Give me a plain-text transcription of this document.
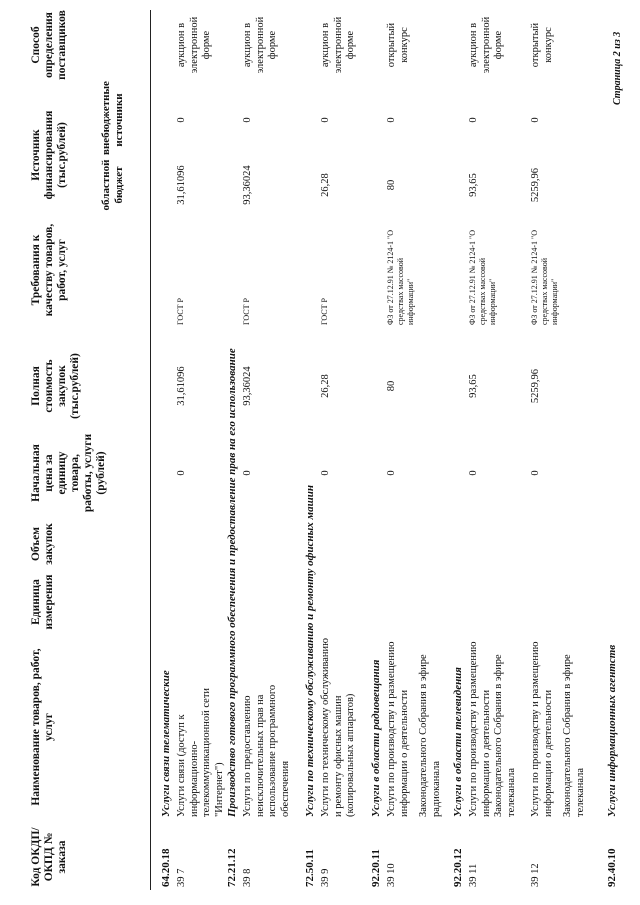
Код ОКДП/ ОКПД № заказа
Наименование товаров, работ, услуг
Единица измерения
Объем закупок
Начальная цена за единицу товара, работы, услуги (рублей)
Полная стоимость закупок (тыс.рублей)
Требования к качеству товаров, работ, услуг
Источник финансирования (тыс.рублей)	областной бюджет
внебюджетные источники
Способ определения поставщиков
64.20.18
Услуги связи телематические
39 7
Услуги связи (доступ к информационно-телекоммуникационной сети "Интернет")
0
31,61096
ГОСТ Р
31,61096
0
аукцион в электронной форме
72.21.12
Производство готового программного обеспечения и предоставление прав на его использование
39 8
Услуги по предоставлению неисключительных прав на использование программного обеспечения
0
93,36024
ГОСТ Р
93,36024
0
аукцион в электронной форме
72.50.11
Услуги по техническому обслуживанию и ремонту офисных машин
39 9
Услуги по техническому обслуживанию и ремонту офисных машин (копировальных аппаратов)
0
26,28
ГОСТ Р
26,28
0
аукцион в электронной форме
92.20.11
Услуги в области радиовещания
39 10
Услуги по производству и размещению информации о деятельности Законодательного Собрания в эфире радиоканала
0
80
ФЗ от 27.12.91 № 2124-1 "О средствах массовой информации"
80
0
открытый конкурс
92.20.12
Услуги в области телевидения
39 11
Услуги по производству и размещению информации о деятельности Законодательного Собрания в эфире телеканала
0
93,65
ФЗ от 27.12.91 № 2124-1 "О средствах массовой информации"
93,65
0
аукцион в электронной форме
39 12
Услуги по производству и размещению информации о деятельности Законодательного Собрания в эфире телеканала
0
5259,96
ФЗ от 27.12.91 № 2124-1 "О средствах массовой информации"
5259,96
0
открытый конкурс
92.40.10
Услуги информационных агентств
Страница 2 из 3
